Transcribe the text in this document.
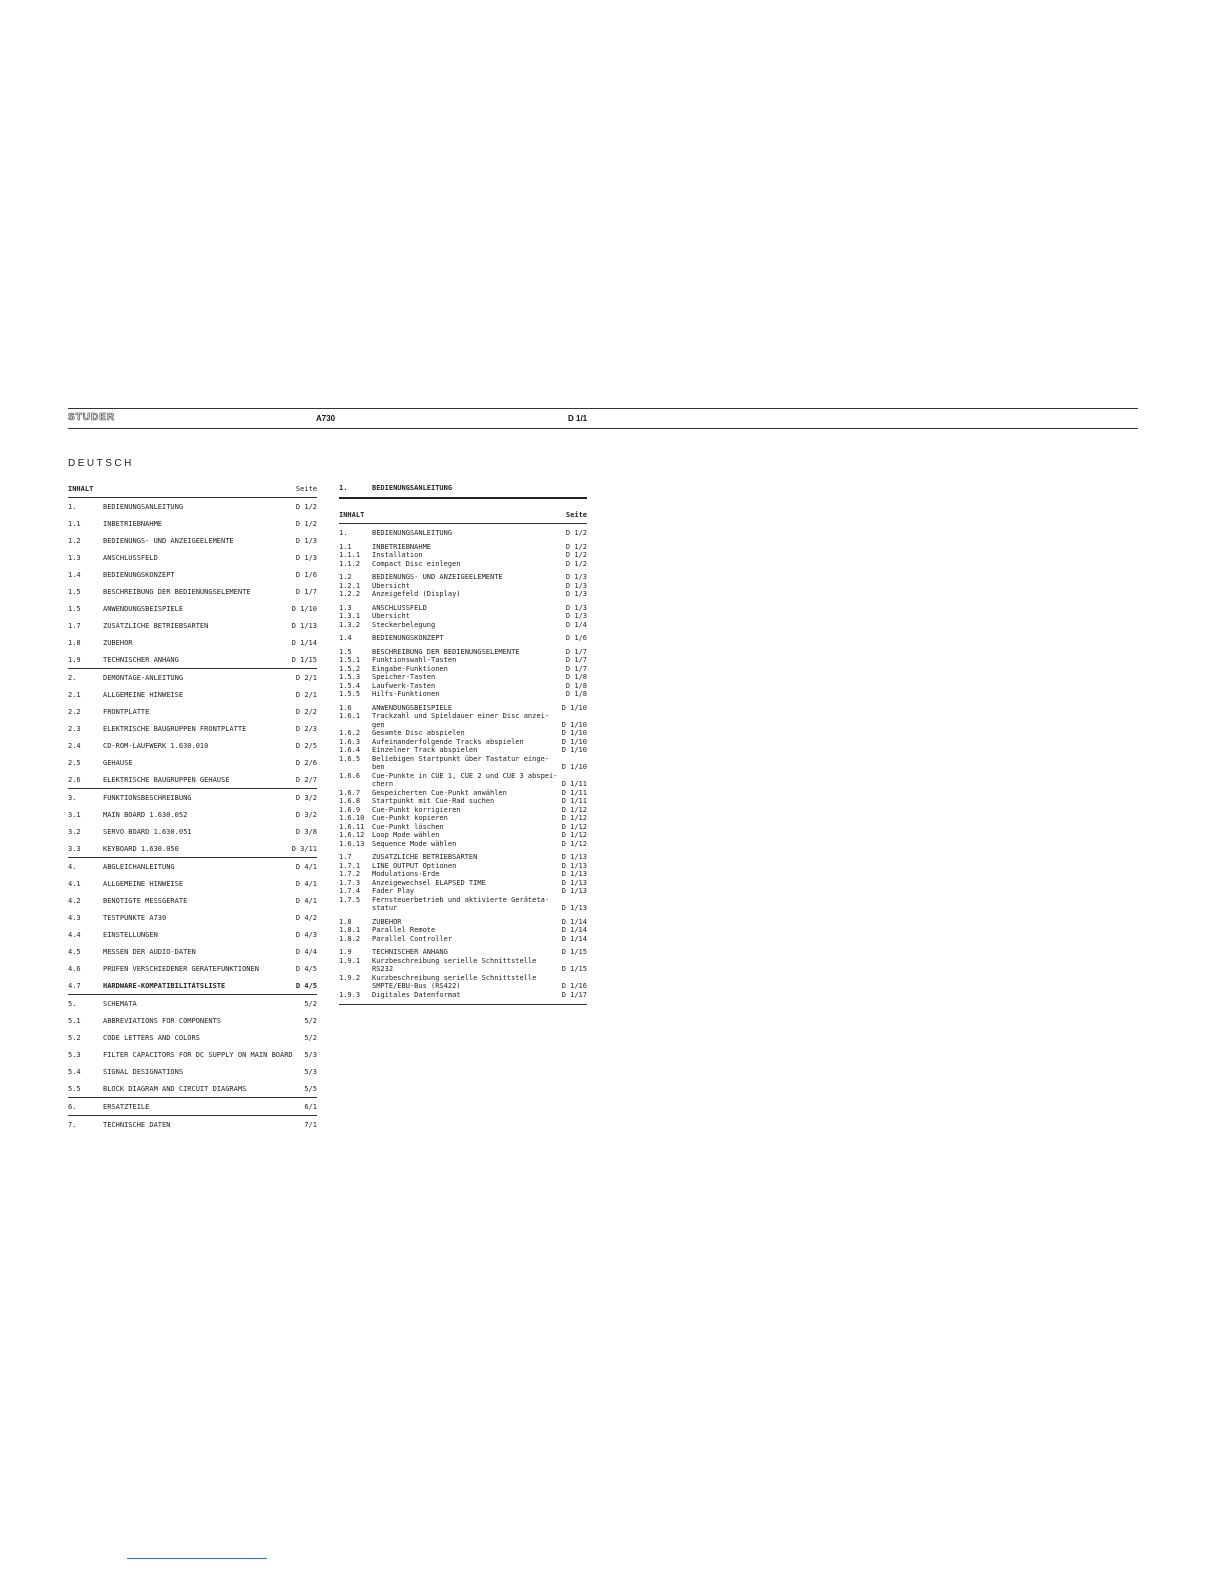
STUDER	A730	D 1/1
DEUTSCH
INHALT	Seite
1.	BEDIENUNGSANLEITUNG	D 1/2
1.1	INBETRIEBNAHME	D 1/2
1.2	BEDIENUNGS- UND ANZEIGEELEMENTE	D 1/3
1.3	ANSCHLUSSFELD	D 1/3
1.4	BEDIENUNGSKONZEPT	D 1/6
1.5	BESCHREIBUNG DER BEDIENUNGSELEMENTE	D 1/7
1.5	ANWENDUNGSBEISPIELE	D 1/10
1.7	ZUSÄTZLICHE BETRIEBSARTEN	D 1/13
1.8	ZUBEHÖR	D 1/14
1.9	TECHNISCHER ANHANG	D 1/15
2.	DEMONTAGE-ANLEITUNG	D 2/1
2.1	ALLGEMEINE HINWEISE	D 2/1
2.2	FRONTPLATTE	D 2/2
2.3	ELEKTRISCHE BAUGRUPPEN FRONTPLATTE	D 2/3
2.4	CD-ROM-LAUFWERK 1.630.010	D 2/5
2.5	GEHÄUSE	D 2/6
2.6	ELEKTRISCHE BAUGRUPPEN GEHÄUSE	D 2/7
3.	FUNKTIONSBESCHREIBUNG	D 3/2
3.1	MAIN BOARD 1.630.052	D 3/2
3.2	SERVO BOARD 1.630.051	D 3/8
3.3	KEYBOARD 1.630.050	D 3/11
4.	ABGLEICHANLEITUNG	D 4/1
4.1	ALLGEMEINE HINWEISE	D 4/1
4.2	BENÖTIGTE MESSGERÄTE	D 4/1
4.3	TESTPUNKTE A730	D 4/2
4.4	EINSTELLUNGEN	D 4/3
4.5	MESSEN DER AUDIO-DATEN	D 4/4
4.6	PRÜFEN VERSCHIEDENER GERÄTEFUNKTIONEN	D 4/5
4.7	HARDWARE-KOMPATIBILITÄTSLISTE	D 4/5
5.	SCHEMATA	5/2
5.1	ABBREVIATIONS FOR COMPONENTS	5/2
5.2	CODE LETTERS AND COLORS	5/2
5.3	FILTER CAPACITORS FOR DC SUPPLY ON MAIN BOARD	5/3
5.4	SIGNAL DESIGNATIONS	5/3
5.5	BLOCK DIAGRAM AND CIRCUIT DIAGRAMS	5/5
6.	ERSATZTEILE	6/1
7.	TECHNISCHE DATEN	7/1
1.	BEDIENUNGSANLEITUNG
INHALT	Seite
1.	BEDIENUNGSANLEITUNG	D 1/2
1.1	INBETRIEBNAHME	D 1/2
1.1.1	Installation	D 1/2
1.1.2	Compact Disc einlegen	D 1/2
1.2	BEDIENUNGS- UND ANZEIGEELEMENTE	D 1/3
1.2.1	Übersicht	D 1/3
1.2.2	Anzeigefeld (Display)	D 1/3
1.3	ANSCHLUSSFELD	D 1/3
1.3.1	Übersicht	D 1/3
1.3.2	Steckerbelegung	D 1/4
1.4	BEDIENUNGSKONZEPT	D 1/6
1.5	BESCHREIBUNG DER BEDIENUNGSELEMENTE	D 1/7
1.5.1	Funktionswahl-Tasten	D 1/7
1.5.2	Eingabe-Funktionen	D 1/7
1.5.3	Speicher-Tasten	D 1/8
1.5.4	Laufwerk-Tasten	D 1/8
1.5.5	Hilfs-Funktionen	D 1/8
1.6	ANWENDUNGSBEISPIELE	D 1/10
1.6.1	Trackzahl und Spieldauer einer Disc anzei-
gen	D 1/10
1.6.2	Gesamte Disc abspielen	D 1/10
1.6.3	Aufeinanderfolgende Tracks abspielen	D 1/10
1.6.4	Einzelner Track abspielen	D 1/10
1.6.5	Beliebigen Startpunkt über Tastatur einge-
ben	D 1/10
1.6.6	Cue-Punkte in CUE 1, CUE 2 und CUE 3 abspei-
chern	D 1/11
1.6.7	Gespeicherten Cue-Punkt anwählen	D 1/11
1.6.8	Startpunkt mit Cue-Rad suchen	D 1/11
1.6.9	Cue-Punkt korrigieren	D 1/12
1.6.10	Cue-Punkt kopieren	D 1/12
1.6.11	Cue-Punkt löschen	D 1/12
1.6.12	Loop Mode wählen	D 1/12
1.6.13	Sequence Mode wählen	D 1/12
1.7	ZUSÄTZLICHE BETRIEBSARTEN	D 1/13
1.7.1	LINE OUTPUT Optionen	D 1/13
1.7.2	Modulations-Erde	D 1/13
1.7.3	Anzeigewechsel ELAPSED TIME	D 1/13
1.7.4	Fader Play	D 1/13
1.7.5	Fernsteuerbetrieb und aktivierte Geräteta-
statur	D 1/13
1.8	ZUBEHÖR	D 1/14
1.8.1	Parallel Remote	D 1/14
1.8.2	Parallel Controller	D 1/14
1.9	TECHNISCHER ANHANG	D 1/15
1.9.1	Kurzbeschreibung serielle Schnittstelle
RS232	D 1/15
1.9.2	Kurzbeschreibung serielle Schnittstelle
SMPTE/EBU-Bus (RS422)	D 1/16
1.9.3	Digitales Datenformat	D 1/17
